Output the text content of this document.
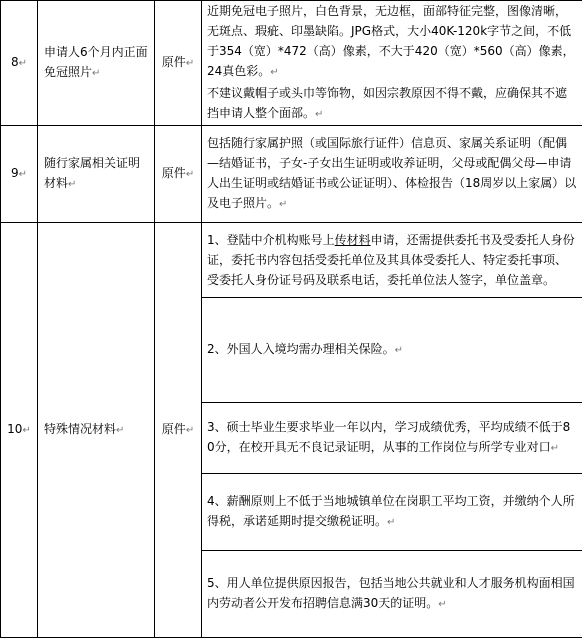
8↵	申请人6个月内正面免冠照片↵	原件↵	近期免冠电子照片，白色背景，无边框，面部特征完整，图像清晰，无斑点、瑕疵、印墨缺陷。JPG格式，大小40K-120k字节之间，不低于354（宽）*472（高）像素，不大于420（宽）*560（高）像素，24真色彩。↵
不建议戴帽子或头巾等饰物，如因宗教原因不得不戴，应确保其不遮挡申请人整个面部。↵

9↵	随行家属相关证明材料↵	原件↵	包括随行家属护照（或国际旅行证件）信息页、家属关系证明（配偶—结婚证书，子女-子女出生证明或收养证明，父母或配偶父母—申请人出生证明或结婚证书或公证证明）、体检报告（18周岁以上家属）以及电子照片。↵

10↵	特殊情况材料↵	原件↵	1、登陆中介机构账号上传材料申请，还需提供委托书及受委托人身份证，委托书内容包括受委托单位及其具体受委托人、特定委托事项、受委托人身份证号码及联系电话，委托单位法人签字，单位盖章。
			2、外国人入境均需办理相关保险。↵
			3、硕士毕业生要求毕业一年以内，学习成绩优秀，平均成绩不低于80分，在校开具无不良记录证明，从事的工作岗位与所学专业对口↵
			4、薪酬原则上不低于当地城镇单位在岗职工平均工资，并缴纳个人所得税，承诺延期时提交缴税证明。↵
			5、用人单位提供原因报告，包括当地公共就业和人才服务机构面相国内劳动者公开发布招聘信息满30天的证明。↵
